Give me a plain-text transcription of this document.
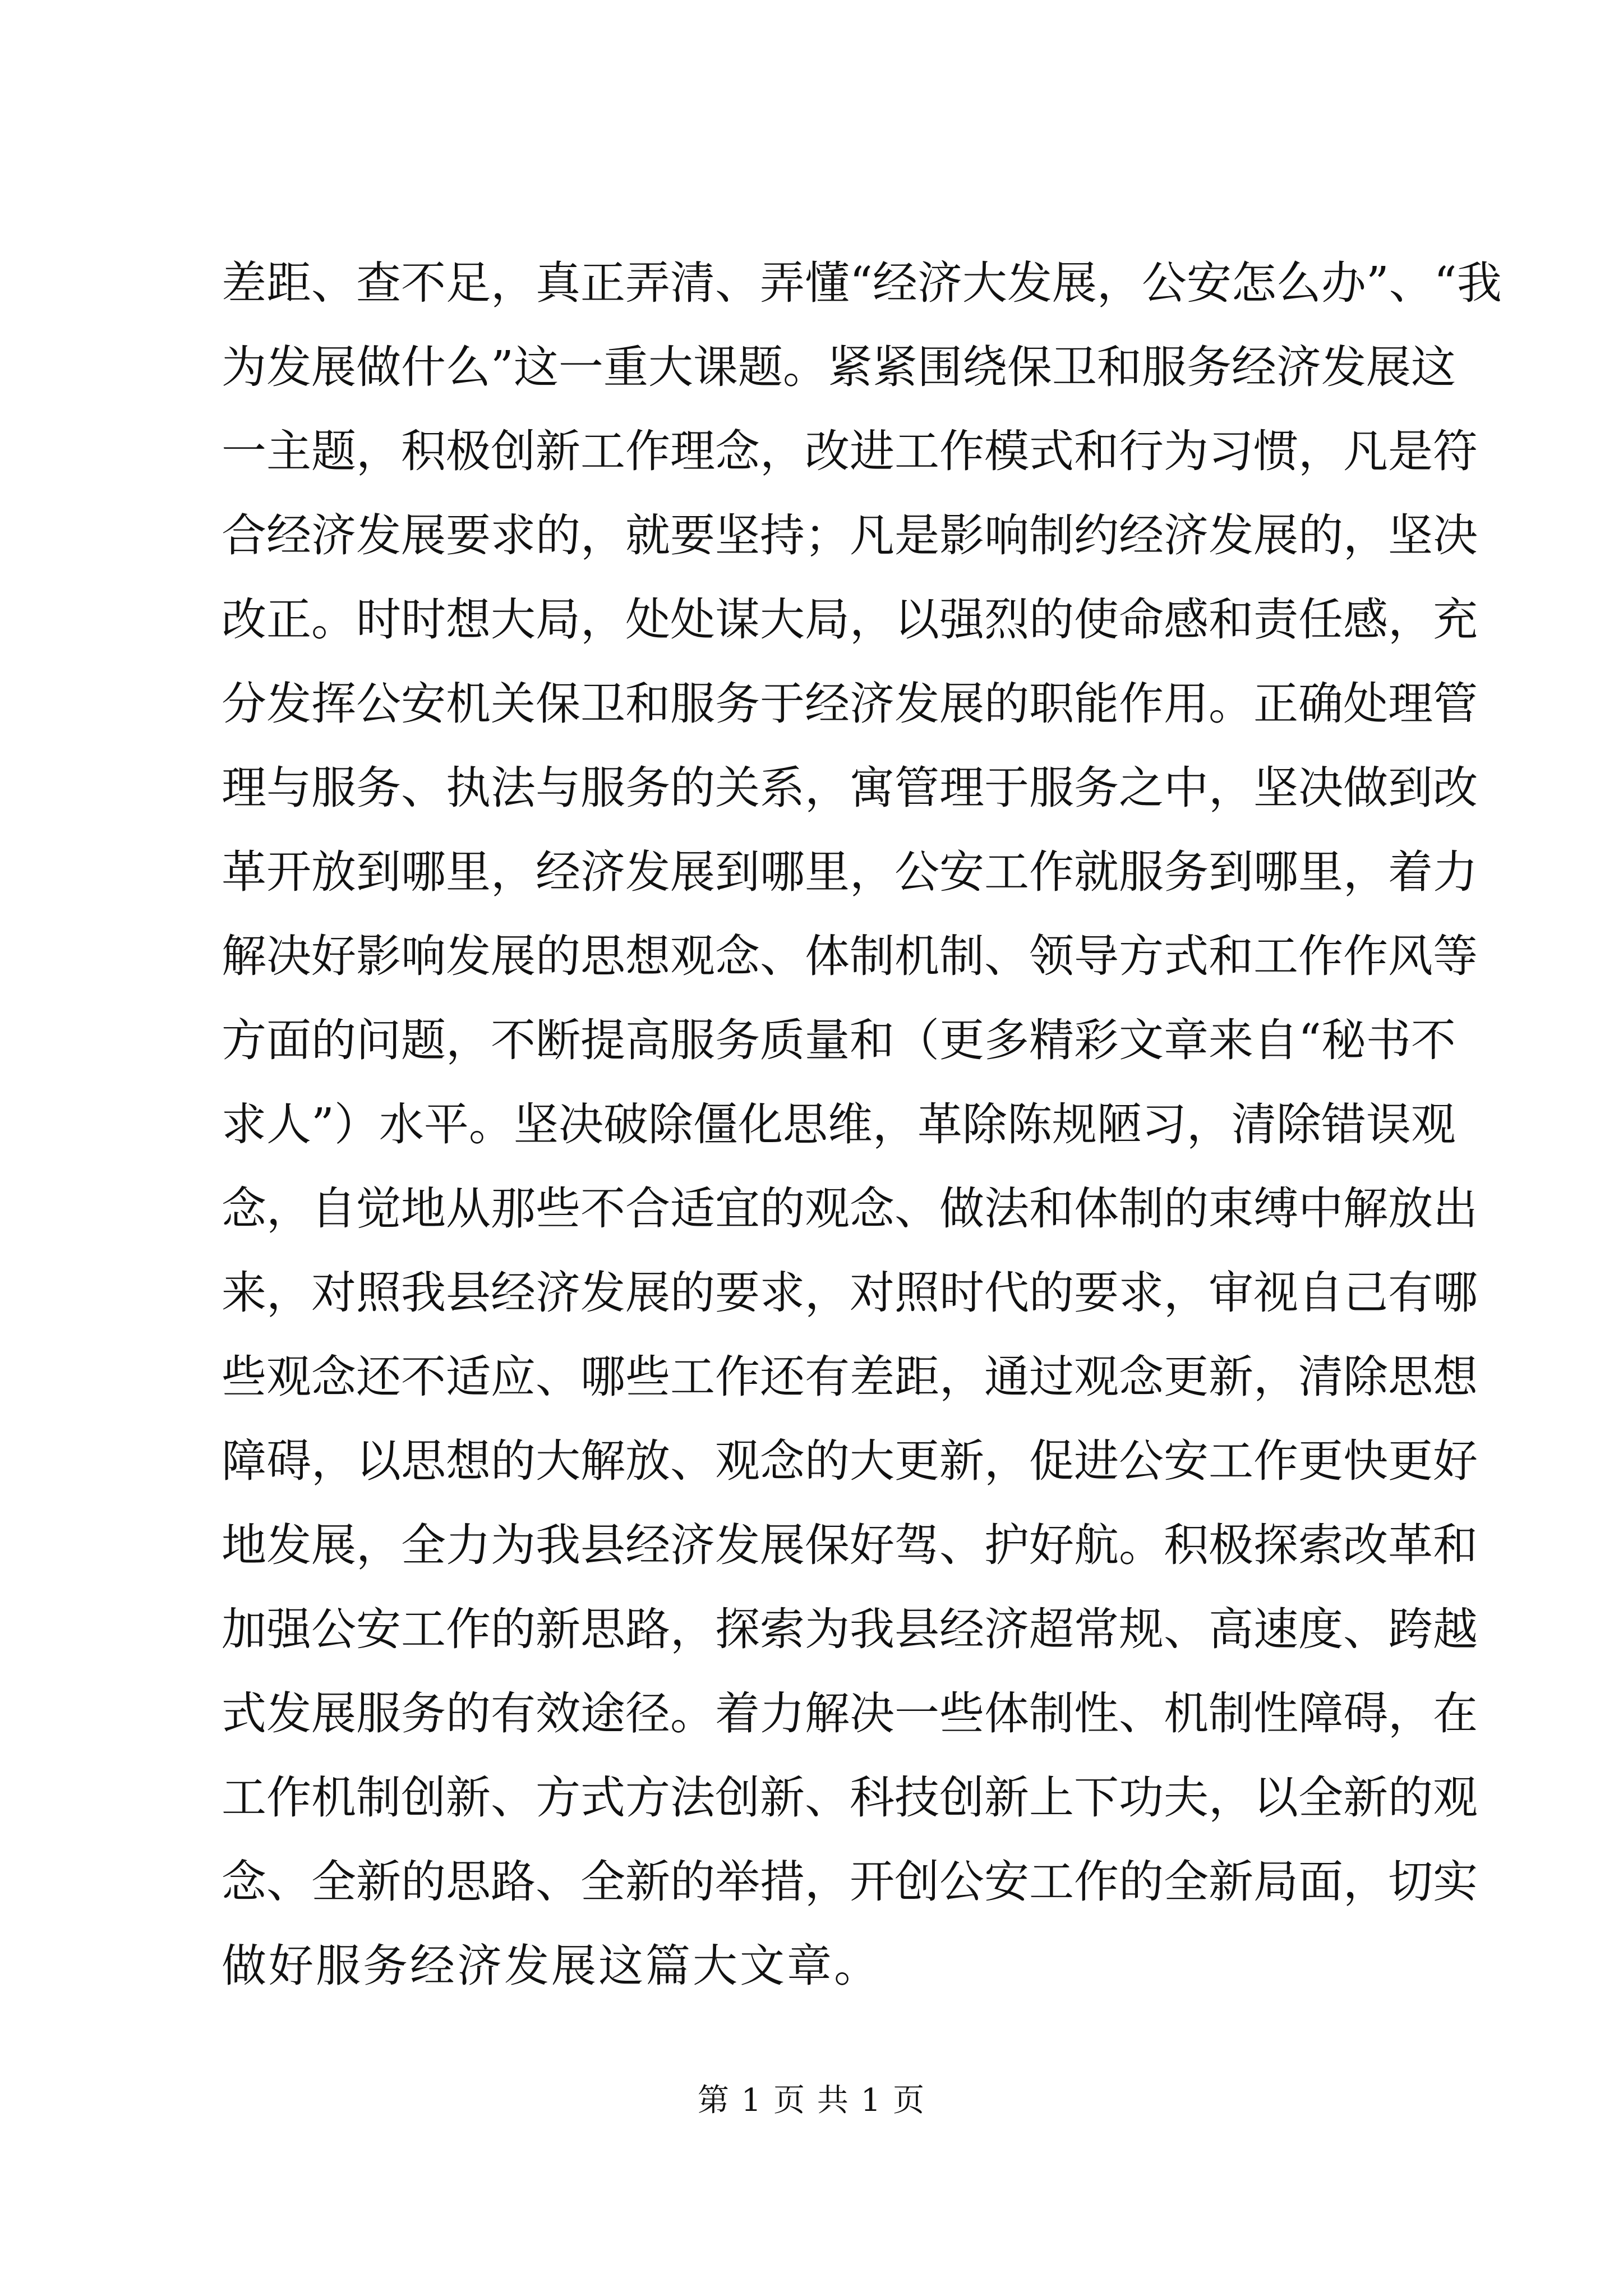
差距、查不足，真正弄清、弄懂“经济大发展，公安怎么办”、“我
为发展做什么”这一重大课题。紧紧围绕保卫和服务经济发展这
一主题，积极创新工作理念，改进工作模式和行为习惯，凡是符
合经济发展要求的，就要坚持；凡是影响制约经济发展的，坚决
改正。时时想大局，处处谋大局，以强烈的使命感和责任感，充
分发挥公安机关保卫和服务于经济发展的职能作用。正确处理管
理与服务、执法与服务的关系，寓管理于服务之中，坚决做到改
革开放到哪里，经济发展到哪里，公安工作就服务到哪里，着力
解决好影响发展的思想观念、体制机制、领导方式和工作作风等
方面的问题，不断提高服务质量和（更多精彩文章来自“秘书不
求人”）水平。坚决破除僵化思维，革除陈规陋习，清除错误观
念，自觉地从那些不合适宜的观念、做法和体制的束缚中解放出
来，对照我县经济发展的要求，对照时代的要求，审视自己有哪
些观念还不适应、哪些工作还有差距，通过观念更新，清除思想
障碍，以思想的大解放、观念的大更新，促进公安工作更快更好
地发展，全力为我县经济发展保好驾、护好航。积极探索改革和
加强公安工作的新思路，探索为我县经济超常规、高速度、跨越
式发展服务的有效途径。着力解决一些体制性、机制性障碍，在
工作机制创新、方式方法创新、科技创新上下功夫，以全新的观
念、全新的思路、全新的举措，开创公安工作的全新局面，切实
做好服务经济发展这篇大文章。
第 1 页 共 1 页
